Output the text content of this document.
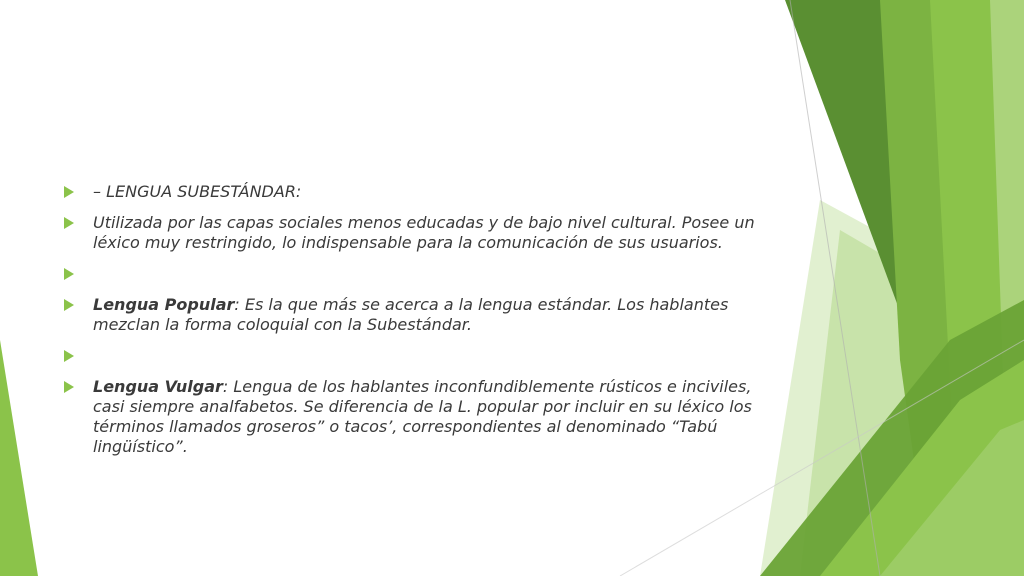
– LENGUA SUBESTÁNDAR:
Utilizada por las capas sociales menos educadas y de bajo nivel cultural. Posee un léxico muy restringido, lo indispensable para la comunicación de sus usuarios.
Lengua Popular: Es la que más se acerca a la lengua estándar. Los hablantes mezclan la forma coloquial con la Subestándar.
Lengua Vulgar: Lengua de los hablantes inconfundiblemente rústicos e inciviles, casi siempre analfabetos. Se diferencia de la L. popular por incluir en su léxico los términos llamados groseros” o tacos’, correspondientes al denominado “Tabú lingüístico”.
